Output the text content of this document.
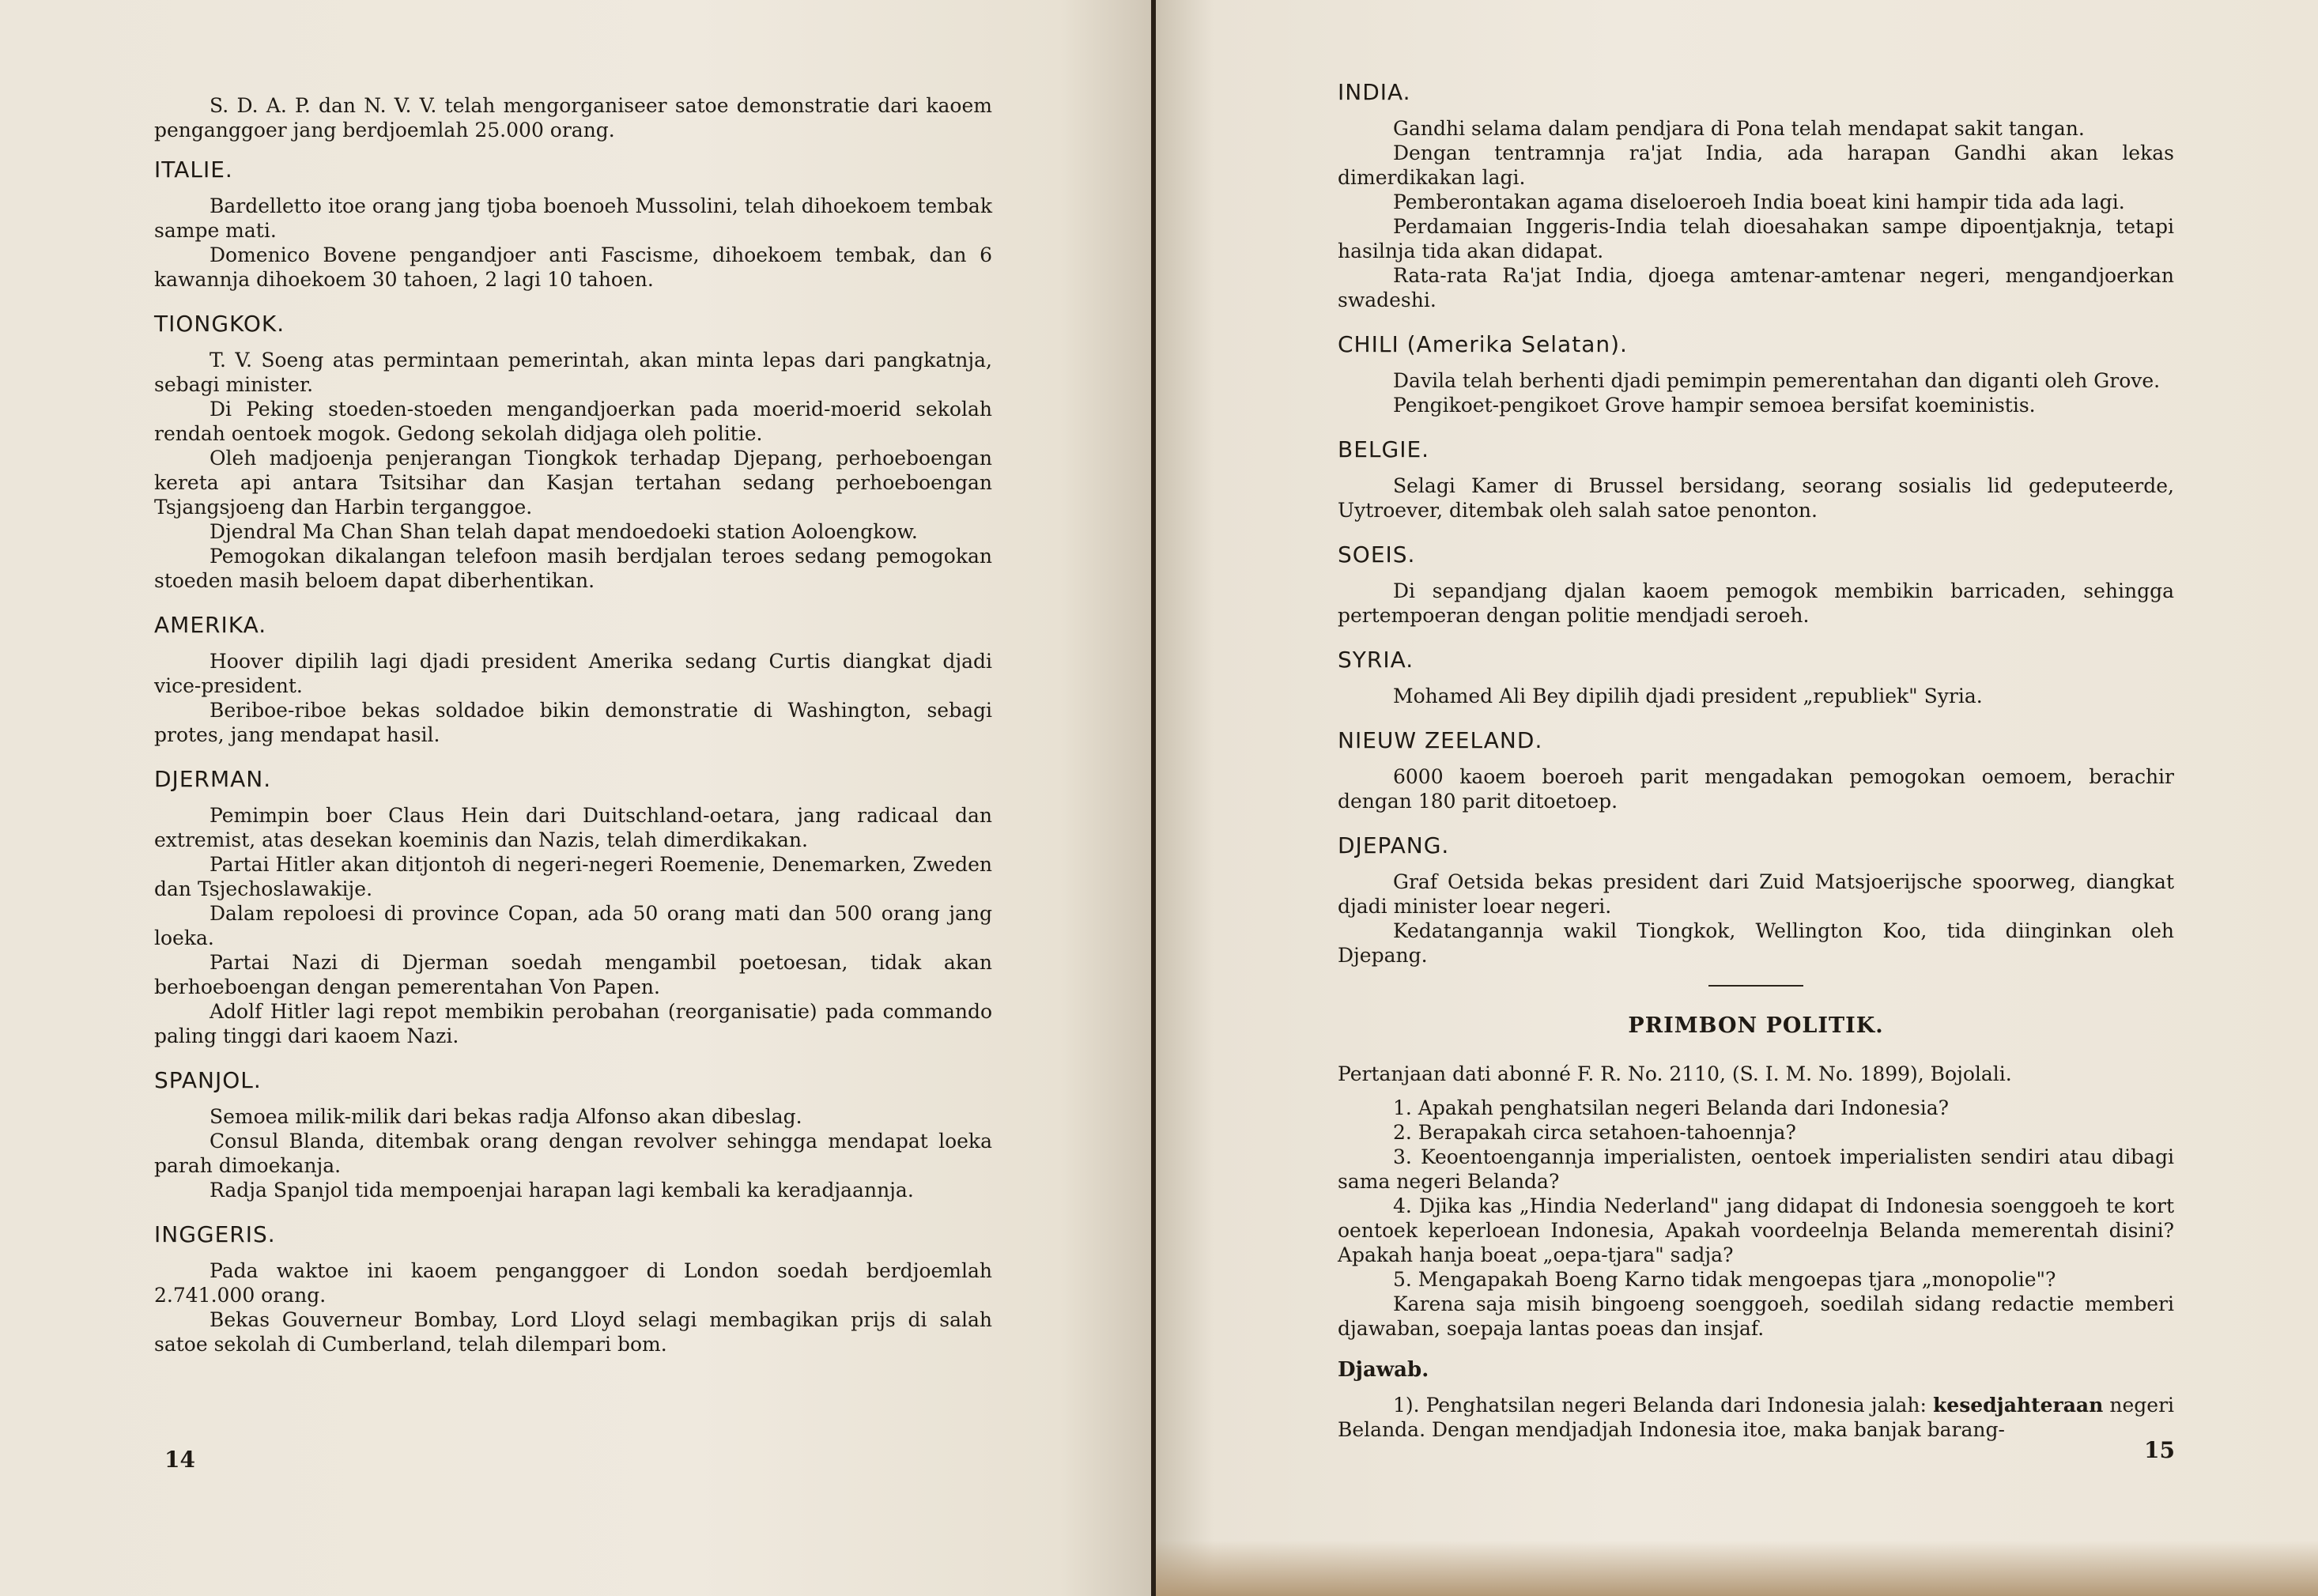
S. D. A. P. dan N. V. V. telah mengorganiseer satoe demonstratie dari kaoem penganggoer jang berdjoemlah 25.000 orang.

ITALIE.

Bardelletto itoe orang jang tjoba boenoeh Mussolini, telah dihoekoem tembak sampe mati.

Domenico Bovene pengandjoer anti Fascisme, dihoekoem tembak, dan 6 kawannja dihoekoem 30 tahoen, 2 lagi 10 tahoen.

TIONGKOK.

T. V. Soeng atas permintaan pemerintah, akan minta lepas dari pangkatnja, sebagi minister.

Di Peking stoeden-stoeden mengandjoerkan pada moerid-moerid sekolah rendah oentoek mogok. Gedong sekolah didjaga oleh politie.

Oleh madjoenja penjerangan Tiongkok terhadap Djepang, perhoeboengan kereta api antara Tsitsihar dan Kasjan tertahan sedang perhoeboengan Tsjangsjoeng dan Harbin terganggoe.

Djendral Ma Chan Shan telah dapat mendoedoeki station Aoloengkow.

Pemogokan dikalangan telefoon masih berdjalan teroes sedang pemogokan stoeden masih beloem dapat diberhentikan.

AMERIKA.

Hoover dipilih lagi djadi president Amerika sedang Curtis diangkat djadi vice-president.

Beriboe-riboe bekas soldadoe bikin demonstratie di Washington, sebagi protes, jang mendapat hasil.

DJERMAN.

Pemimpin boer Claus Hein dari Duitschland-oetara, jang radicaal dan extremist, atas desekan koeminis dan Nazis, telah dimerdikakan.

Partai Hitler akan ditjontoh di negeri-negeri Roemenie, Denemarken, Zweden dan Tsjechoslawakije.

Dalam repoloesi di province Copan, ada 50 orang mati dan 500 orang jang loeka.

Partai Nazi di Djerman soedah mengambil poetoesan, tidak akan berhoeboengan dengan pemerentahan Von Papen.

Adolf Hitler lagi repot membikin perobahan (reorganisatie) pada commando paling tinggi dari kaoem Nazi.

SPANJOL.

Semoea milik-milik dari bekas radja Alfonso akan dibeslag.

Consul Blanda, ditembak orang dengan revolver sehingga mendapat loeka parah dimoekanja.

Radja Spanjol tida mempoenjai harapan lagi kembali ka keradjaannja.

INGGERIS.

Pada waktoe ini kaoem penganggoer di London soedah berdjoemlah 2.741.000 orang.

Bekas Gouverneur Bombay, Lord Lloyd selagi membagikan prijs di salah satoe sekolah di Cumberland, telah dilempari bom.

14
INDIA.

Gandhi selama dalam pendjara di Pona telah mendapat sakit tangan.

Dengan tentramnja ra'jat India, ada harapan Gandhi akan lekas dimerdikakan lagi.

Pemberontakan agama diseloeroeh India boeat kini hampir tida ada lagi.

Perdamaian Inggeris-India telah dioesahakan sampe dipoentjaknja, tetapi hasilnja tida akan didapat.

Rata-rata Ra'jat India, djoega amtenar-amtenar negeri, mengandjoerkan swadeshi.

CHILI (Amerika Selatan).

Davila telah berhenti djadi pemimpin pemerentahan dan diganti oleh Grove.

Pengikoet-pengikoet Grove hampir semoea bersifat koeministis.

BELGIE.

Selagi Kamer di Brussel bersidang, seorang sosialis lid gedeputeerde, Uytroever, ditembak oleh salah satoe penonton.

SOEIS.

Di sepandjang djalan kaoem pemogok membikin barricaden, sehingga pertempoeran dengan politie mendjadi seroeh.

SYRIA.

Mohamed Ali Bey dipilih djadi president „republiek" Syria.

NIEUW ZEELAND.

6000 kaoem boeroeh parit mengadakan pemogokan oemoem, berachir dengan 180 parit ditoetoep.

DJEPANG.

Graf Oetsida bekas president dari Zuid Matsjoerijsche spoorweg, diangkat djadi minister loear negeri.

Kedatangannja wakil Tiongkok, Wellington Koo, tida diinginkan oleh Djepang.

PRIMBON POLITIK.

Pertanjaan dati abonné F. R. No. 2110, (S. I. M. No. 1899), Bojolali.

1. Apakah penghatsilan negeri Belanda dari Indonesia?

2. Berapakah circa setahoen-tahoennja?

3. Keoentoengannja imperialisten, oentoek imperialisten sendiri atau dibagi sama negeri Belanda?

4. Djika kas „Hindia Nederland" jang didapat di Indonesia soenggoeh te kort oentoek keperloean Indonesia, Apakah voordeelnja Belanda memerentah disini? Apakah hanja boeat „oepa-tjara" sadja?

5. Mengapakah Boeng Karno tidak mengoepas tjara „monopolie"?

Karena saja misih bingoeng soenggoeh, soedilah sidang redactie memberi djawaban, soepaja lantas poeas dan insjaf.

Djawab.

1). Penghatsilan negeri Belanda dari Indonesia jalah: kesedjahteraan negeri Belanda. Dengan mendjadjah Indonesia itoe, maka banjak barang-

15
